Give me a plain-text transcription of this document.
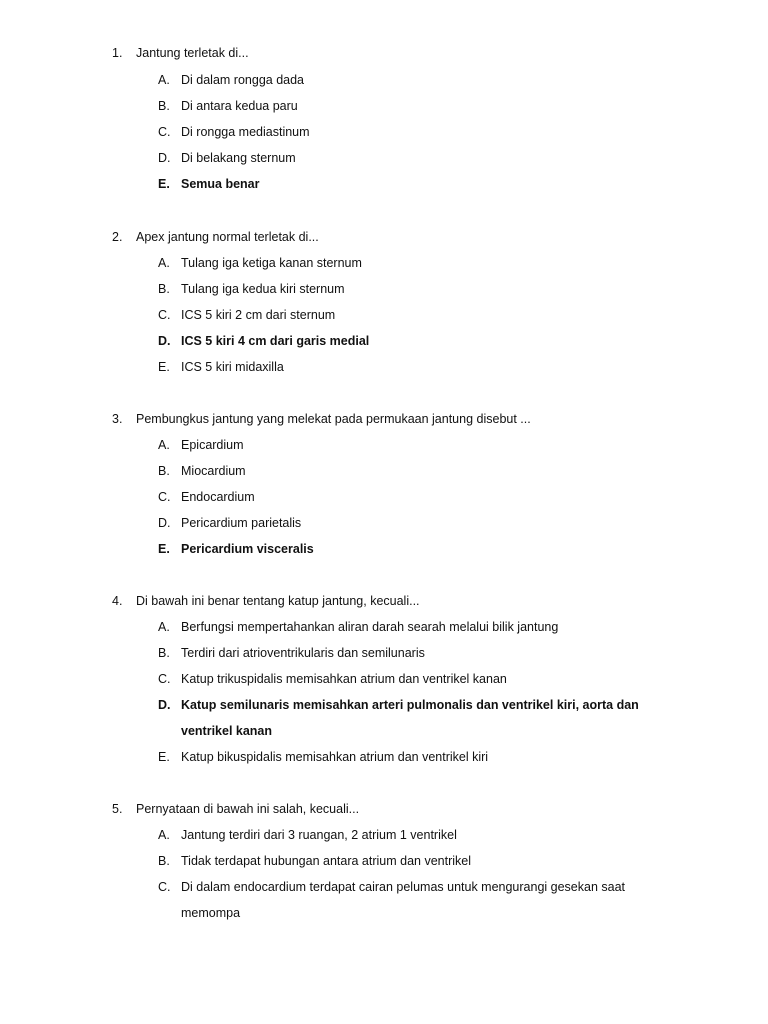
1. Jantung terletak di...
A. Di dalam rongga dada
B. Di antara kedua paru
C. Di rongga mediastinum
D. Di belakang sternum
E. Semua benar
2. Apex jantung normal terletak di...
A. Tulang iga ketiga kanan sternum
B. Tulang iga kedua kiri sternum
C. ICS 5 kiri 2 cm dari sternum
D. ICS 5 kiri 4 cm dari garis medial
E. ICS 5 kiri midaxilla
3. Pembungkus jantung yang melekat pada permukaan jantung disebut ...
A. Epicardium
B. Miocardium
C. Endocardium
D. Pericardium parietalis
E. Pericardium visceralis
4. Di bawah ini benar tentang katup jantung, kecuali...
A. Berfungsi mempertahankan aliran darah searah melalui bilik jantung
B. Terdiri dari atrioventrikularis dan semilunaris
C. Katup trikuspidalis memisahkan atrium dan ventrikel kanan
D. Katup semilunaris memisahkan arteri pulmonalis dan ventrikel kiri, aorta dan
ventrikel kanan
E. Katup bikuspidalis memisahkan atrium dan ventrikel kiri
5. Pernyataan di bawah ini salah, kecuali...
A. Jantung terdiri dari 3 ruangan, 2 atrium 1 ventrikel
B. Tidak terdapat hubungan antara atrium dan ventrikel
C. Di dalam endocardium terdapat cairan pelumas untuk mengurangi gesekan saat
memompa
